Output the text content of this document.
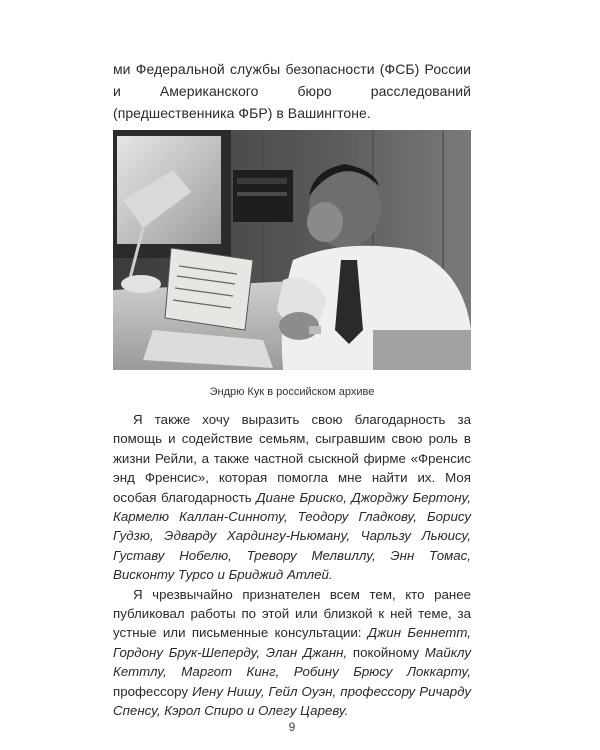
ми Федеральной службы безопасности (ФСБ) России и Американского бюро расследований (предшественника ФБР) в Вашингтоне.

Эндрю Кук в российском архиве

Я также хочу выразить свою благодарность за помощь и содействие семьям, сыгравшим свою роль в жизни Рейли, а также частной сыскной фирме «Френсис энд Френсис», которая помогла мне найти их. Моя особая благодарность Диане Бриско, Джорджу Бертону, Кармелю Каллан-Синноту, Теодору Гладкову, Борису Гудзю, Эдварду Хардингу-Ньюману, Чарльзу Льюису, Густаву Нобелю, Тревору Мелвиллу, Энн Томас, Висконту Турсо и Бриджид Атлей.

Я чрезвычайно признателен всем тем, кто ранее публиковал работы по этой или близкой к ней теме, за устные или письменные консультации: Джин Беннетт, Гордону Брук-Шеперду, Элан Джанн, покойному Майклу Кеттлу, Маргот Кинг, Робину Брюсу Локкарту, профессору Иену Нишу, Гейл Оуэн, профессору Ричарду Спенсу, Кэрол Спиро и Олегу Цареву.

9
